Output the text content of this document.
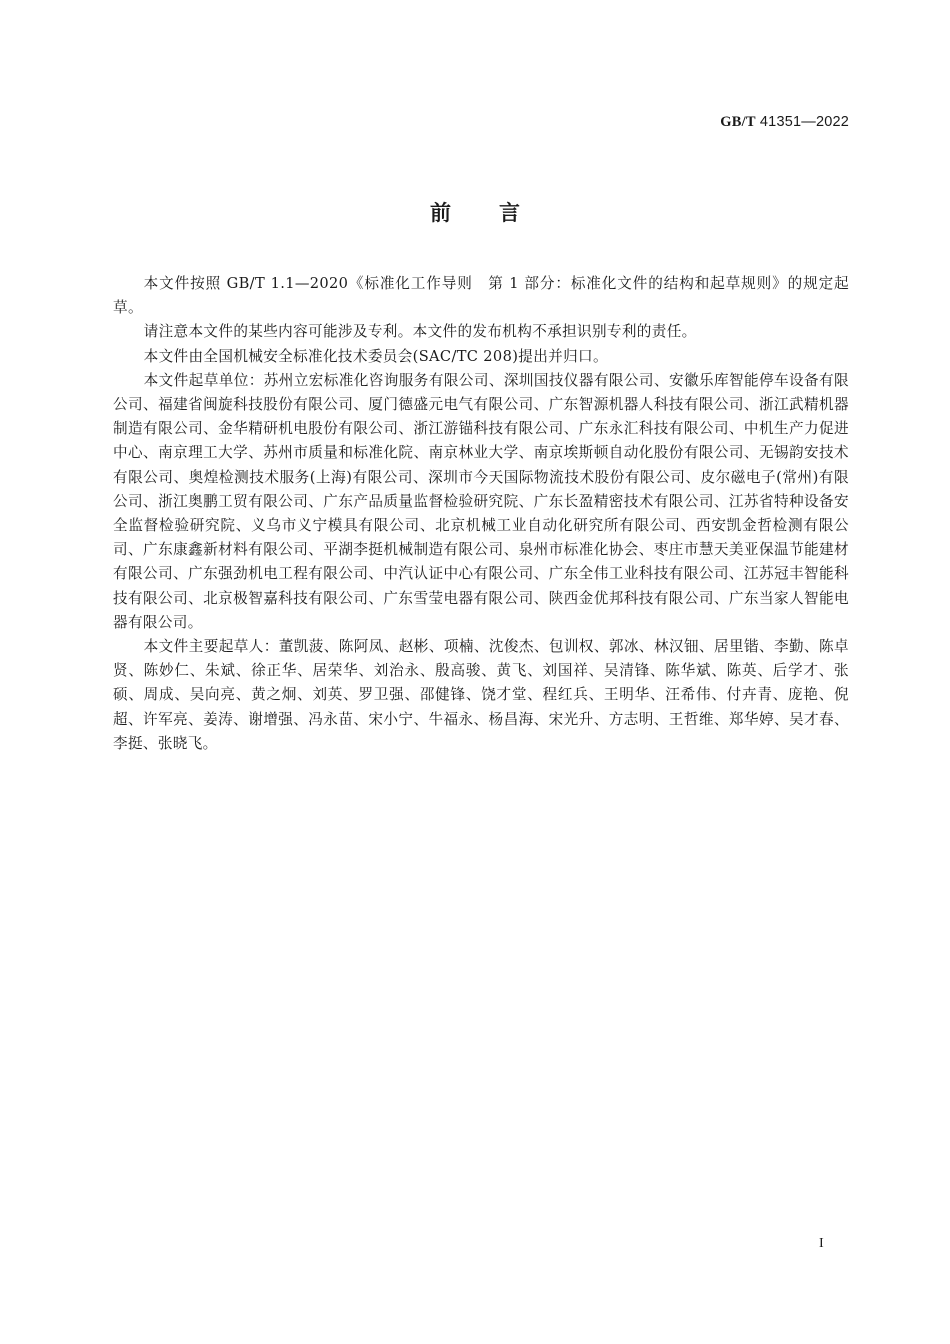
GB/T 41351—2022
前 言

本文件按照 GB/T 1.1—2020《标准化工作导则　第 1 部分：标准化文件的结构和起草规则》的规定起草。

请注意本文件的某些内容可能涉及专利。本文件的发布机构不承担识别专利的责任。

本文件由全国机械安全标准化技术委员会(SAC/TC 208)提出并归口。

本文件起草单位：苏州立宏标准化咨询服务有限公司、深圳国技仪器有限公司、安徽乐库智能停车设备有限公司、福建省闽旋科技股份有限公司、厦门德盛元电气有限公司、广东智源机器人科技有限公司、浙江武精机器制造有限公司、金华精研机电股份有限公司、浙江游锚科技有限公司、广东永汇科技有限公司、中机生产力促进中心、南京理工大学、苏州市质量和标准化院、南京林业大学、南京埃斯顿自动化股份有限公司、无锡韵安技术有限公司、奥煌检测技术服务(上海)有限公司、深圳市今天国际物流技术股份有限公司、皮尔磁电子(常州)有限公司、浙江奥鹏工贸有限公司、广东产品质量监督检验研究院、广东长盈精密技术有限公司、江苏省特种设备安全监督检验研究院、义乌市义宁模具有限公司、北京机械工业自动化研究所有限公司、西安凯金哲检测有限公司、广东康鑫新材料有限公司、平湖李挺机械制造有限公司、泉州市标准化协会、枣庄市慧天美亚保温节能建材有限公司、广东强劲机电工程有限公司、中汽认证中心有限公司、广东全伟工业科技有限公司、江苏冠丰智能科技有限公司、北京极智嘉科技有限公司、广东雪莹电器有限公司、陕西金优邦科技有限公司、广东当家人智能电器有限公司。

本文件主要起草人：董凯菠、陈阿凤、赵彬、项楠、沈俊杰、包训权、郭冰、林汉钿、居里锴、李勤、陈卓贤、陈妙仁、朱斌、徐正华、居荣华、刘治永、殷高骏、黄飞、刘国祥、吴清锋、陈华斌、陈英、后学才、张硕、周成、吴向亮、黄之炯、刘英、罗卫强、邵健锋、饶才堂、程红兵、王明华、汪希伟、付卉青、庞艳、倪超、许军亮、姜涛、谢增强、冯永苗、宋小宁、牛福永、杨昌海、宋光升、方志明、王哲维、郑华婷、吴才春、李挺、张晓飞。

I
